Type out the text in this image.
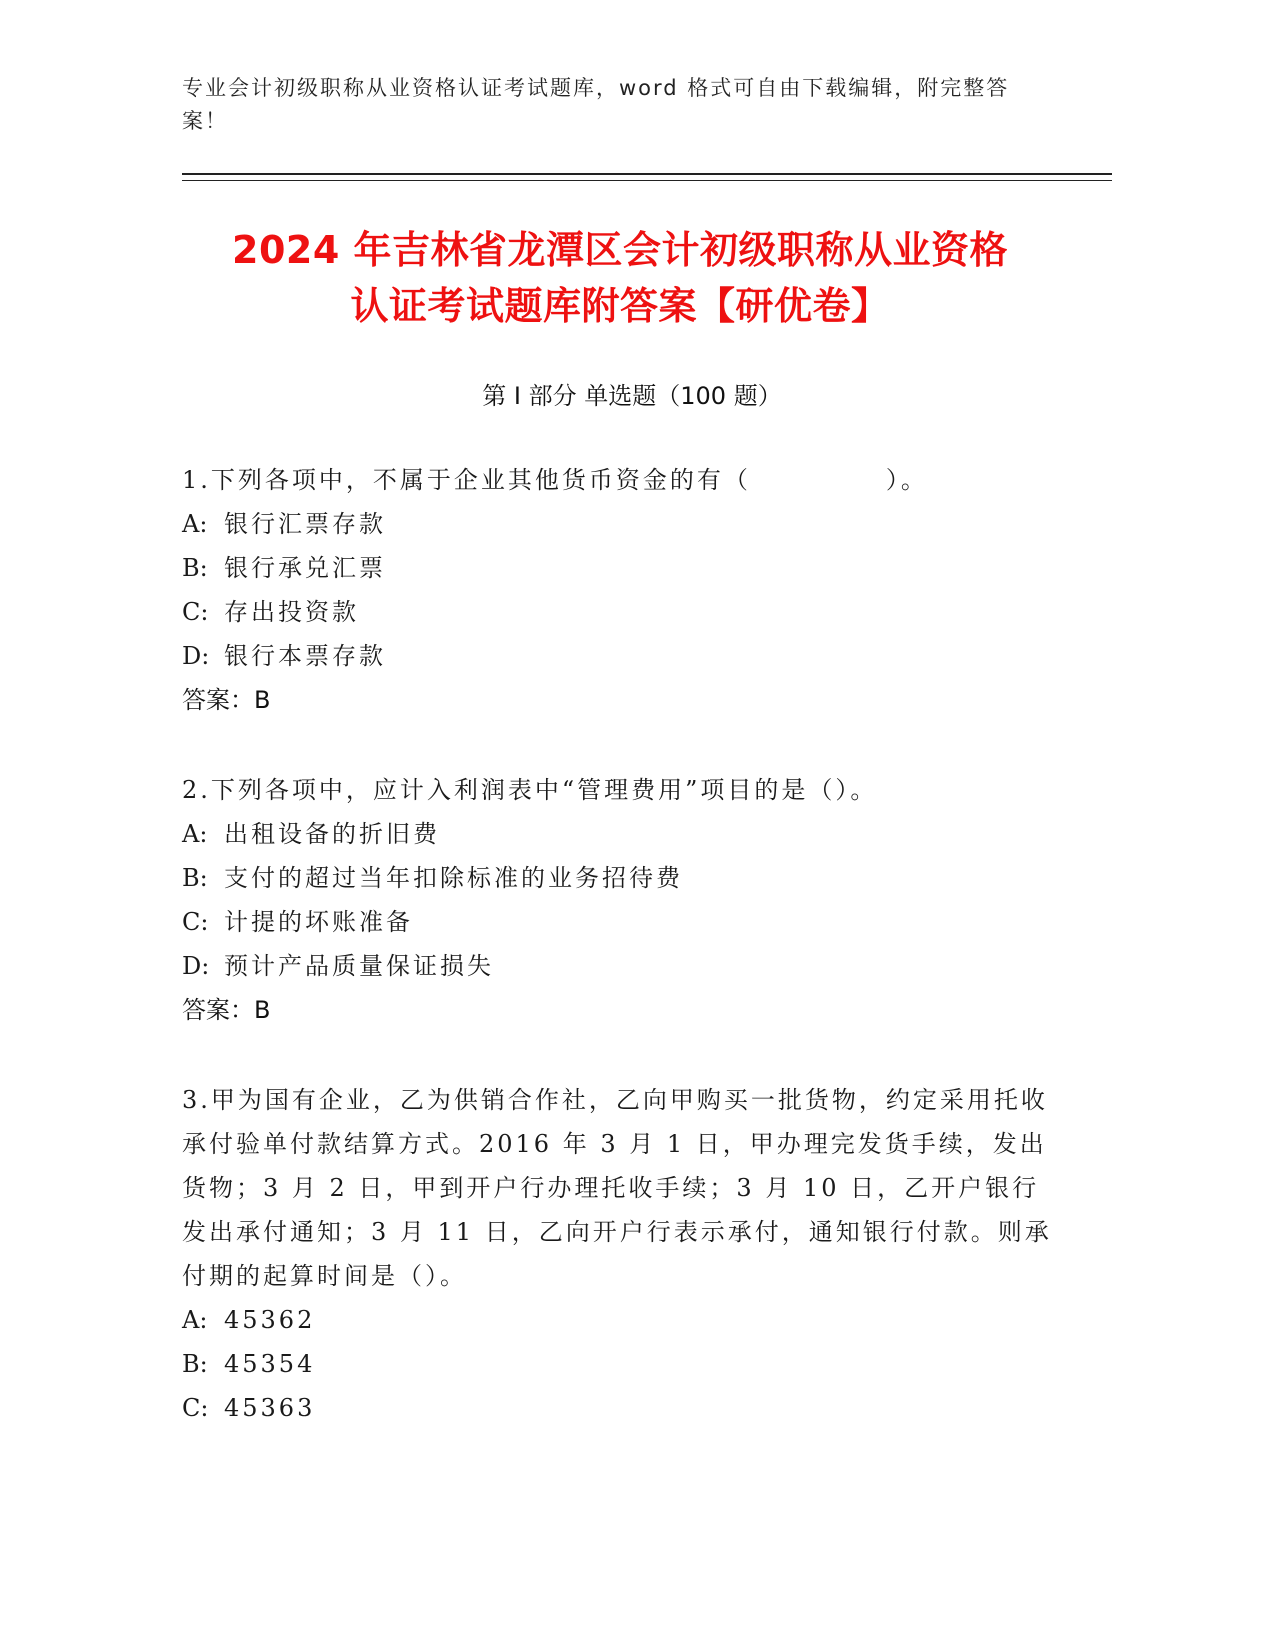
专业会计初级职称从业资格认证考试题库，word 格式可自由下载编辑，附完整答案！
2024 年吉林省龙潭区会计初级职称从业资格
认证考试题库附答案【研优卷】
第 I 部分 单选题（100 题）
1.下列各项中，不属于企业其他货币资金的有（　　　　　）。
A: 银行汇票存款
B: 银行承兑汇票
C: 存出投资款
D: 银行本票存款
答案：B
2.下列各项中，应计入利润表中“管理费用”项目的是（）。
A: 出租设备的折旧费
B: 支付的超过当年扣除标准的业务招待费
C: 计提的坏账准备
D: 预计产品质量保证损失
答案：B
3.甲为国有企业，乙为供销合作社，乙向甲购买一批货物，约定采用托收承付验单付款结算方式。2016 年 3 月 1 日，甲办理完发货手续，发出货物；3 月 2 日，甲到开户行办理托收手续；3 月 10 日，乙开户银行发出承付通知；3 月 11 日，乙向开户行表示承付，通知银行付款。则承付期的起算时间是（）。
A: 45362
B: 45354
C: 45363
